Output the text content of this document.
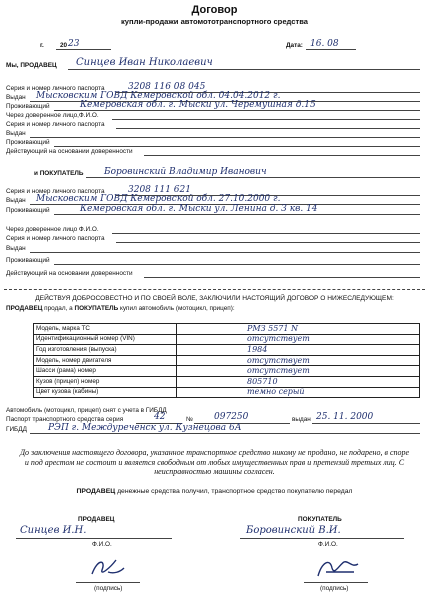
Договор
купли-продажи автомототранспортного средства
г.	20 23	Дата: 16. 08
Мы, ПРОДАВЕЦ Синцев Иван Николаевич
Серия и номер личного паспорта	3208 116 08 045
Выдан Мысковским ГОВД Кемеровской обл. 04.04.2012 г.
Проживающий	Кемеровская обл. г. Мыски ул. Черемушная д.15
Через доверенное лицо,Ф.И.О.
Серия и номер личного паспорта
Выдан
Проживающий
Действующий на основании доверенности
и ПОКУПАТЕЛЬ Боровинский Владимир Иванович
Серия и номер личного паспорта	3208 111 621
Выдан Мысковским ГОВД Кемеровской обл. 27.10.2000 г.
Проживающий	Кемеровская обл. г. Мыски ул. Ленина д. 3 кв. 14
Через доверенное лицо Ф.И.О.
Серия и номер личного паспорта
Выдан
Проживающий
Действующий на основании доверенности
ДЕЙСТВУЯ ДОБРОСОВЕСТНО И ПО СВОЕЙ ВОЛЕ, ЗАКЛЮЧИЛИ НАСТОЯЩИЙ ДОГОВОР О НИЖЕСЛЕДУЮЩЕМ:
ПРОДАВЕЦ продал, а ПОКУПАТЕЛЬ купил автомобиль (мотоцикл, прицеп):
Модель, марка ТС	РМЗ 5571 N
Идентификационный номер (VIN)	отсутствует
Год изготовления (выпуска)	1984
Модель, номер двигателя	отсутствует
Шасси (рама) номер	отсутствует
Кузов (прицеп) номер	805710
Цвет кузова (кабины)	темно серый
Автомобиль (мотоцикл, прицеп) снят с учета в ГИБДД
Паспорт транспортного средства серия	42	№ 097250	выдан 25. 11. 2000
ГИБДД РЭП г. Междуреченск ул. Кузнецова 6А
До заключения настоящего договора, указанное транспортное средство никому не продано, не подарено, в споре и под арестом не состоит и является свободным от любых имущественных прав и претензий третьих лиц. С неисправностью машины согласен.
ПРОДАВЕЦ денежные средства получил, транспортное средство покупателю передал
ПРОДАВЕЦ
Синцев И.Н.
Ф.И.О.
(подпись)
ПОКУПАТЕЛЬ
Боровинский В.И.
Ф.И.О.
(подпись)
